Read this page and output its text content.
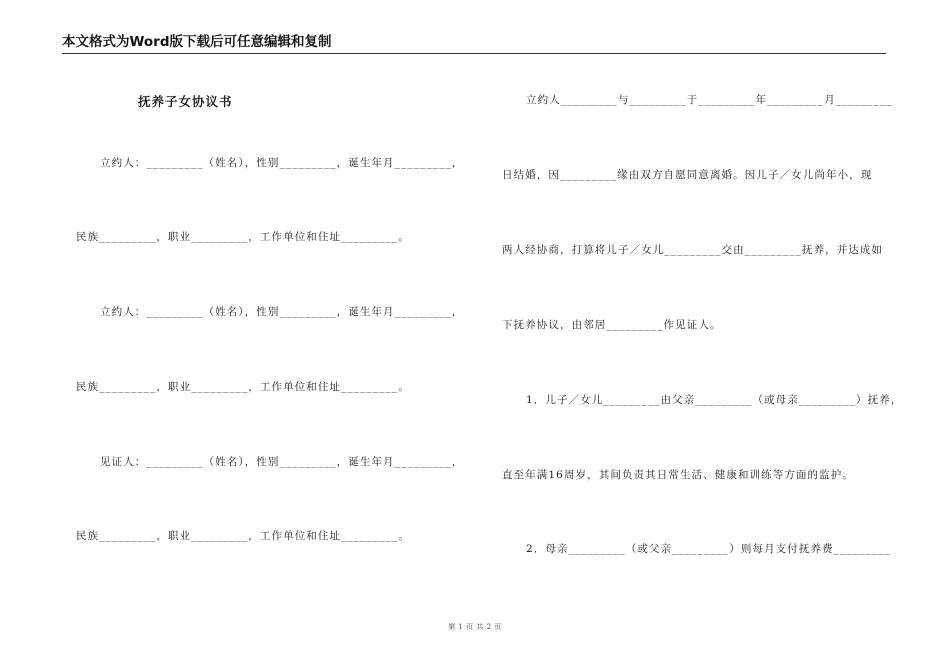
本文格式为Word版下载后可任意编辑和复制
抚养子女协议书
立约人：_________（姓名），性别_________，诞生年月_________，
民族_________，职业_________，工作单位和住址_________。
立约人：_________（姓名），性别_________，诞生年月_________，
民族_________，职业_________，工作单位和住址_________。
见证人：_________（姓名），性别_________，诞生年月_________，
民族_________，职业_________，工作单位和住址_________。
立约人_________与_________于_________年_________月_________
日结婚，因_________缘由双方自愿同意离婚。因儿子／女儿尚年小，现
两人经协商，打算将儿子／女儿_________交由_________抚养，并达成如
下抚养协议，由邻居_________作见证人。
1．儿子／女儿_________由父亲_________（或母亲_________）抚养，
直至年满16周岁，其间负责其日常生活、健康和训练等方面的监护。
2．母亲_________（或父亲_________）则每月支付抚养费_________
第 1 页 共 2 页
